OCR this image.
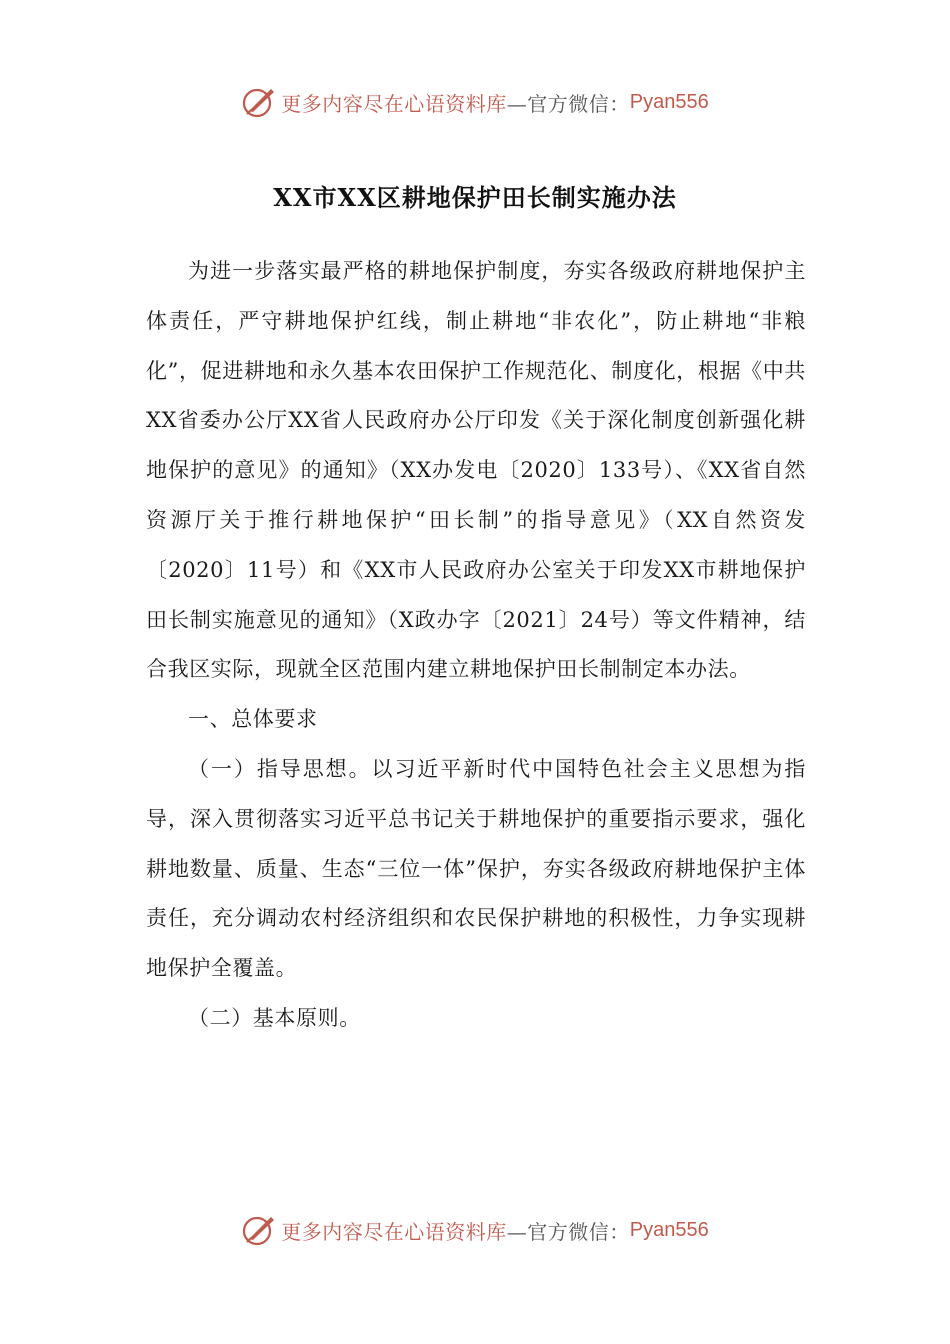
更多内容尽在心语资料库 —官方微信： Pyan556
XX市XX区耕地保护田长制实施办法

为进一步落实最严格的耕地保护制度，夯实各级政府耕地保护主体责任，严守耕地保护红线，制止耕地“非农化”，防止耕地“非粮化”，促进耕地和永久基本农田保护工作规范化、制度化，根据《中共XX省委办公厅XX省人民政府办公厅印发《关于深化制度创新强化耕地保护的意见》的通知》（XX办发电〔2020〕133号）、《XX省自然资源厅关于推行耕地保护“田长制”的指导意见》（XX自然资发〔2020〕11号）和《XX市人民政府办公室关于印发XX市耕地保护田长制实施意见的通知》（X政办字〔2021〕24号）等文件精神，结合我区实际，现就全区范围内建立耕地保护田长制制定本办法。

一、总体要求

（一）指导思想。以习近平新时代中国特色社会主义思想为指导，深入贯彻落实习近平总书记关于耕地保护的重要指示要求，强化耕地数量、质量、生态“三位一体”保护，夯实各级政府耕地保护主体责任，充分调动农村经济组织和农民保护耕地的积极性，力争实现耕地保护全覆盖。

（二）基本原则。

更多内容尽在心语资料库 —官方微信： Pyan556
